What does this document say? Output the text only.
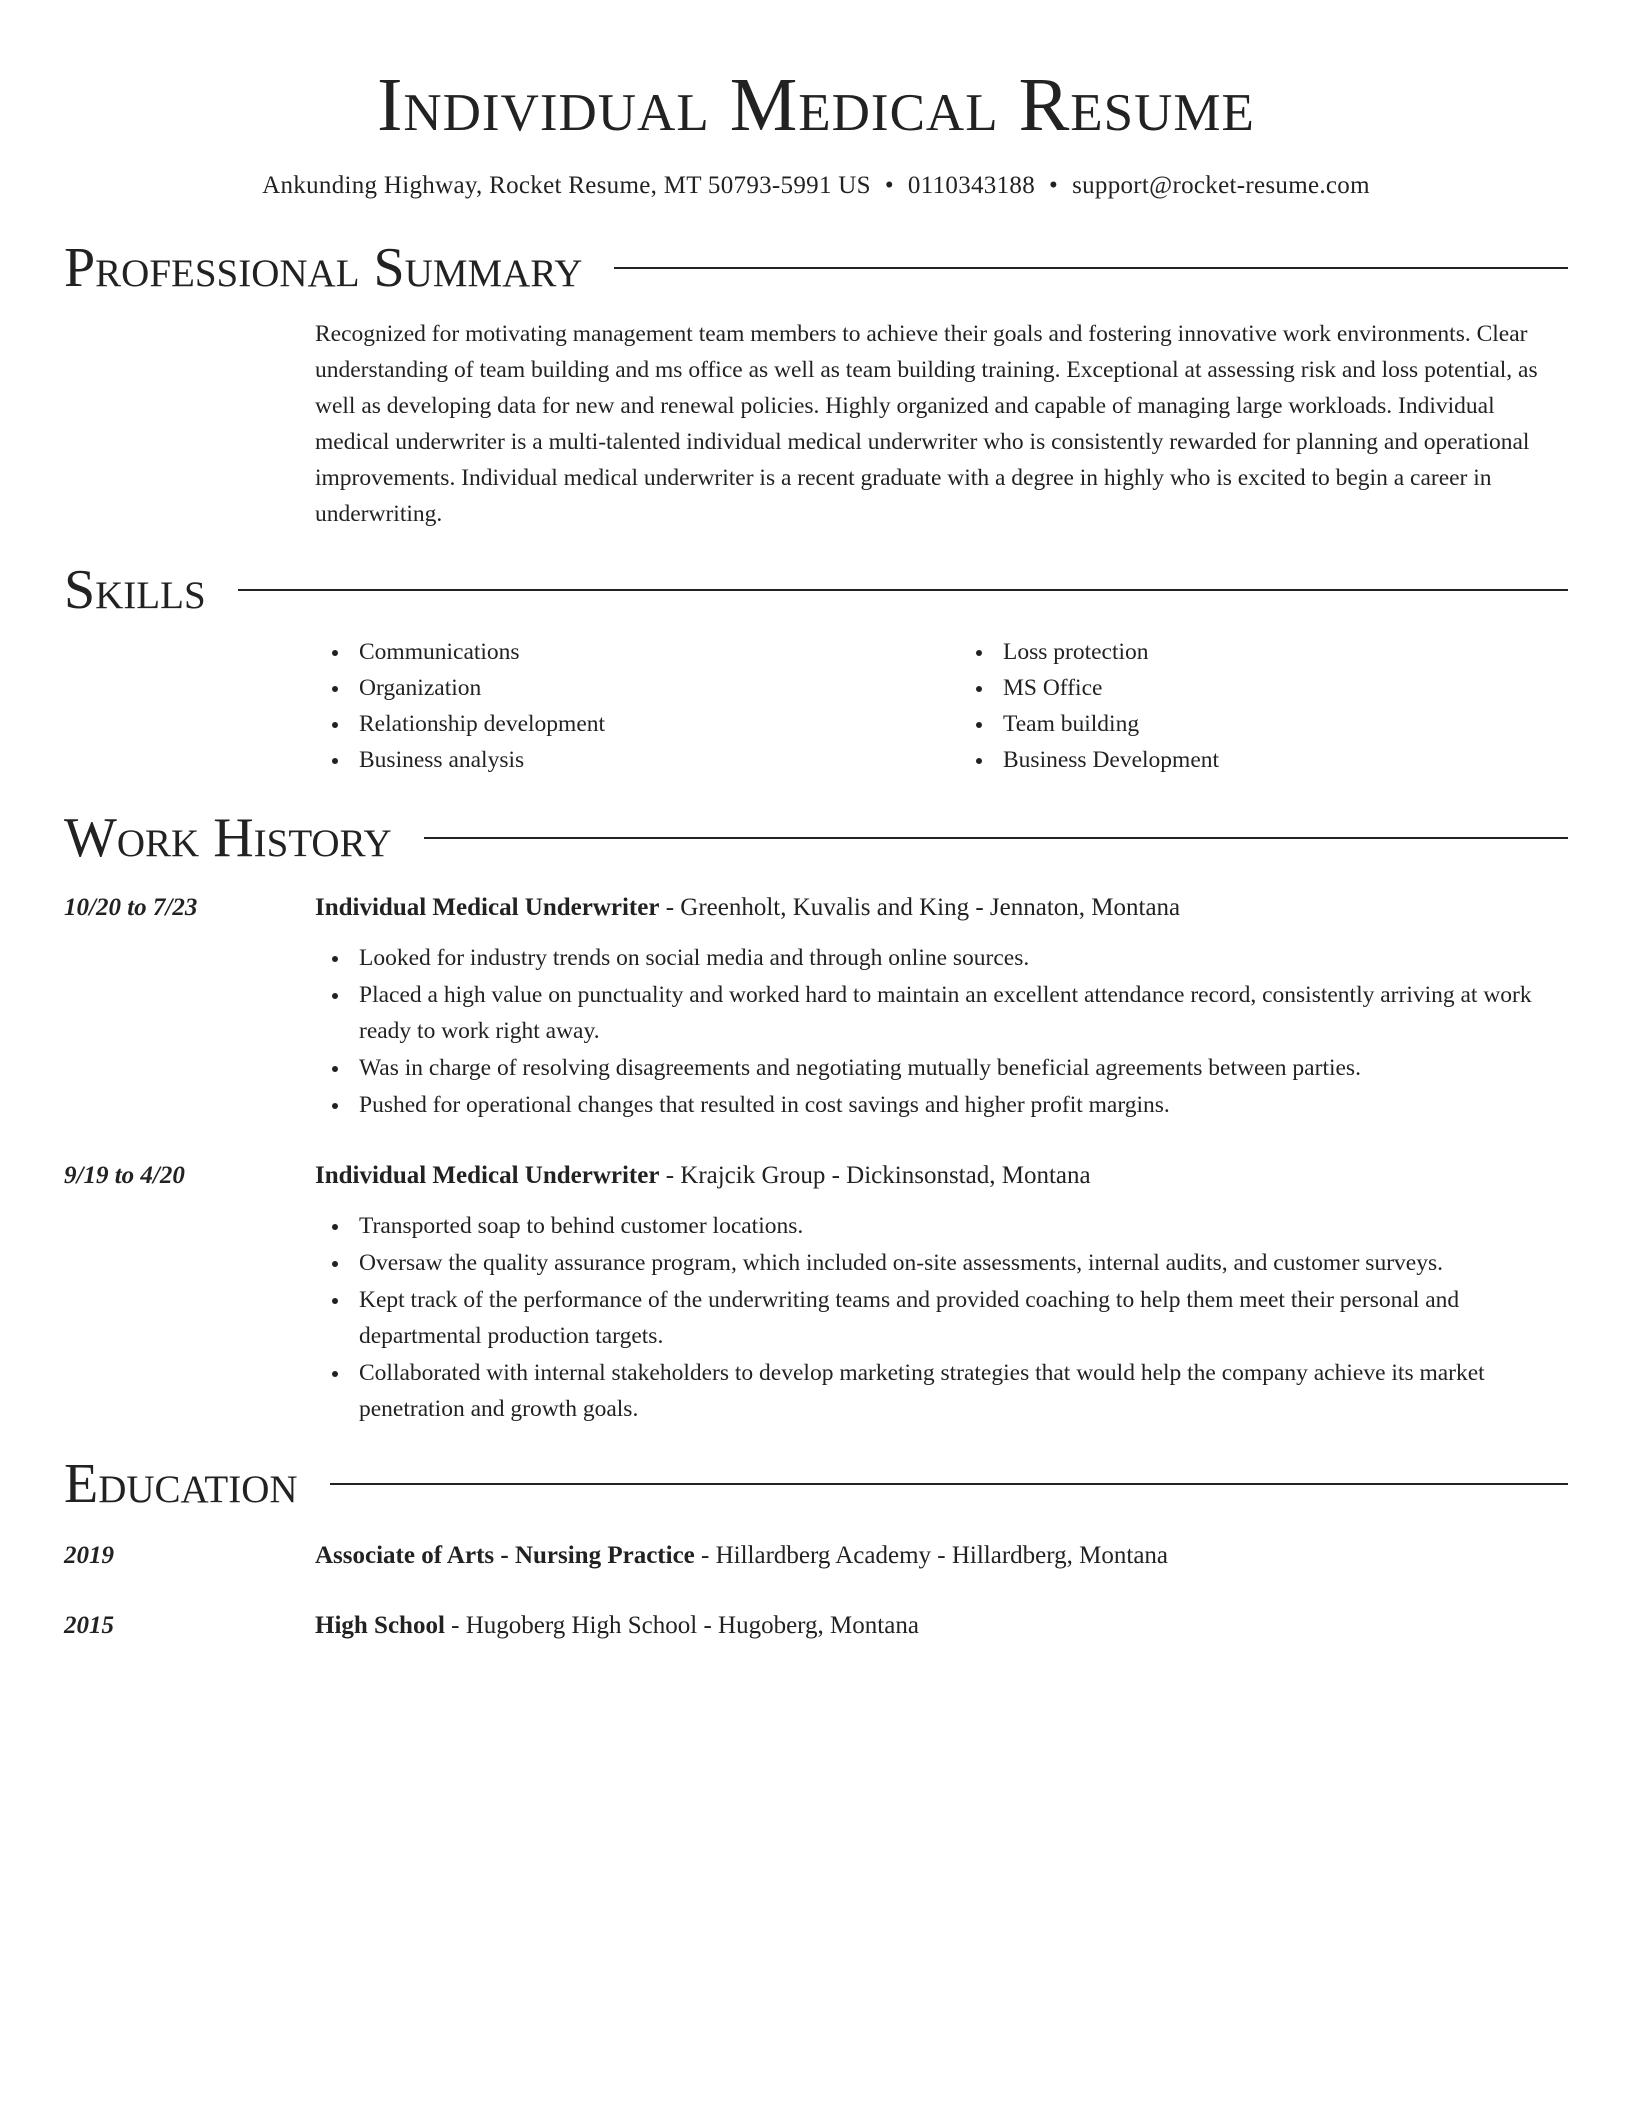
Individual Medical Resume
Ankunding Highway, Rocket Resume, MT 50793-5991 US • 0110343188 • support@rocket-resume.com
Professional Summary
Recognized for motivating management team members to achieve their goals and fostering innovative work environments. Clear understanding of team building and ms office as well as team building training. Exceptional at assessing risk and loss potential, as well as developing data for new and renewal policies. Highly organized and capable of managing large workloads. Individual medical underwriter is a multi-talented individual medical underwriter who is consistently rewarded for planning and operational improvements. Individual medical underwriter is a recent graduate with a degree in highly who is excited to begin a career in underwriting.
Skills
Communications
Organization
Relationship development
Business analysis
Loss protection
MS Office
Team building
Business Development
Work History
10/20 to 7/23	Individual Medical Underwriter - Greenholt, Kuvalis and King - Jennaton, Montana
Looked for industry trends on social media and through online sources.
Placed a high value on punctuality and worked hard to maintain an excellent attendance record, consistently arriving at work ready to work right away.
Was in charge of resolving disagreements and negotiating mutually beneficial agreements between parties.
Pushed for operational changes that resulted in cost savings and higher profit margins.
9/19 to 4/20	Individual Medical Underwriter - Krajcik Group - Dickinsonstad, Montana
Transported soap to behind customer locations.
Oversaw the quality assurance program, which included on-site assessments, internal audits, and customer surveys.
Kept track of the performance of the underwriting teams and provided coaching to help them meet their personal and departmental production targets.
Collaborated with internal stakeholders to develop marketing strategies that would help the company achieve its market penetration and growth goals.
Education
2019	Associate of Arts - Nursing Practice - Hillardberg Academy - Hillardberg, Montana
2015	High School - Hugoberg High School - Hugoberg, Montana
